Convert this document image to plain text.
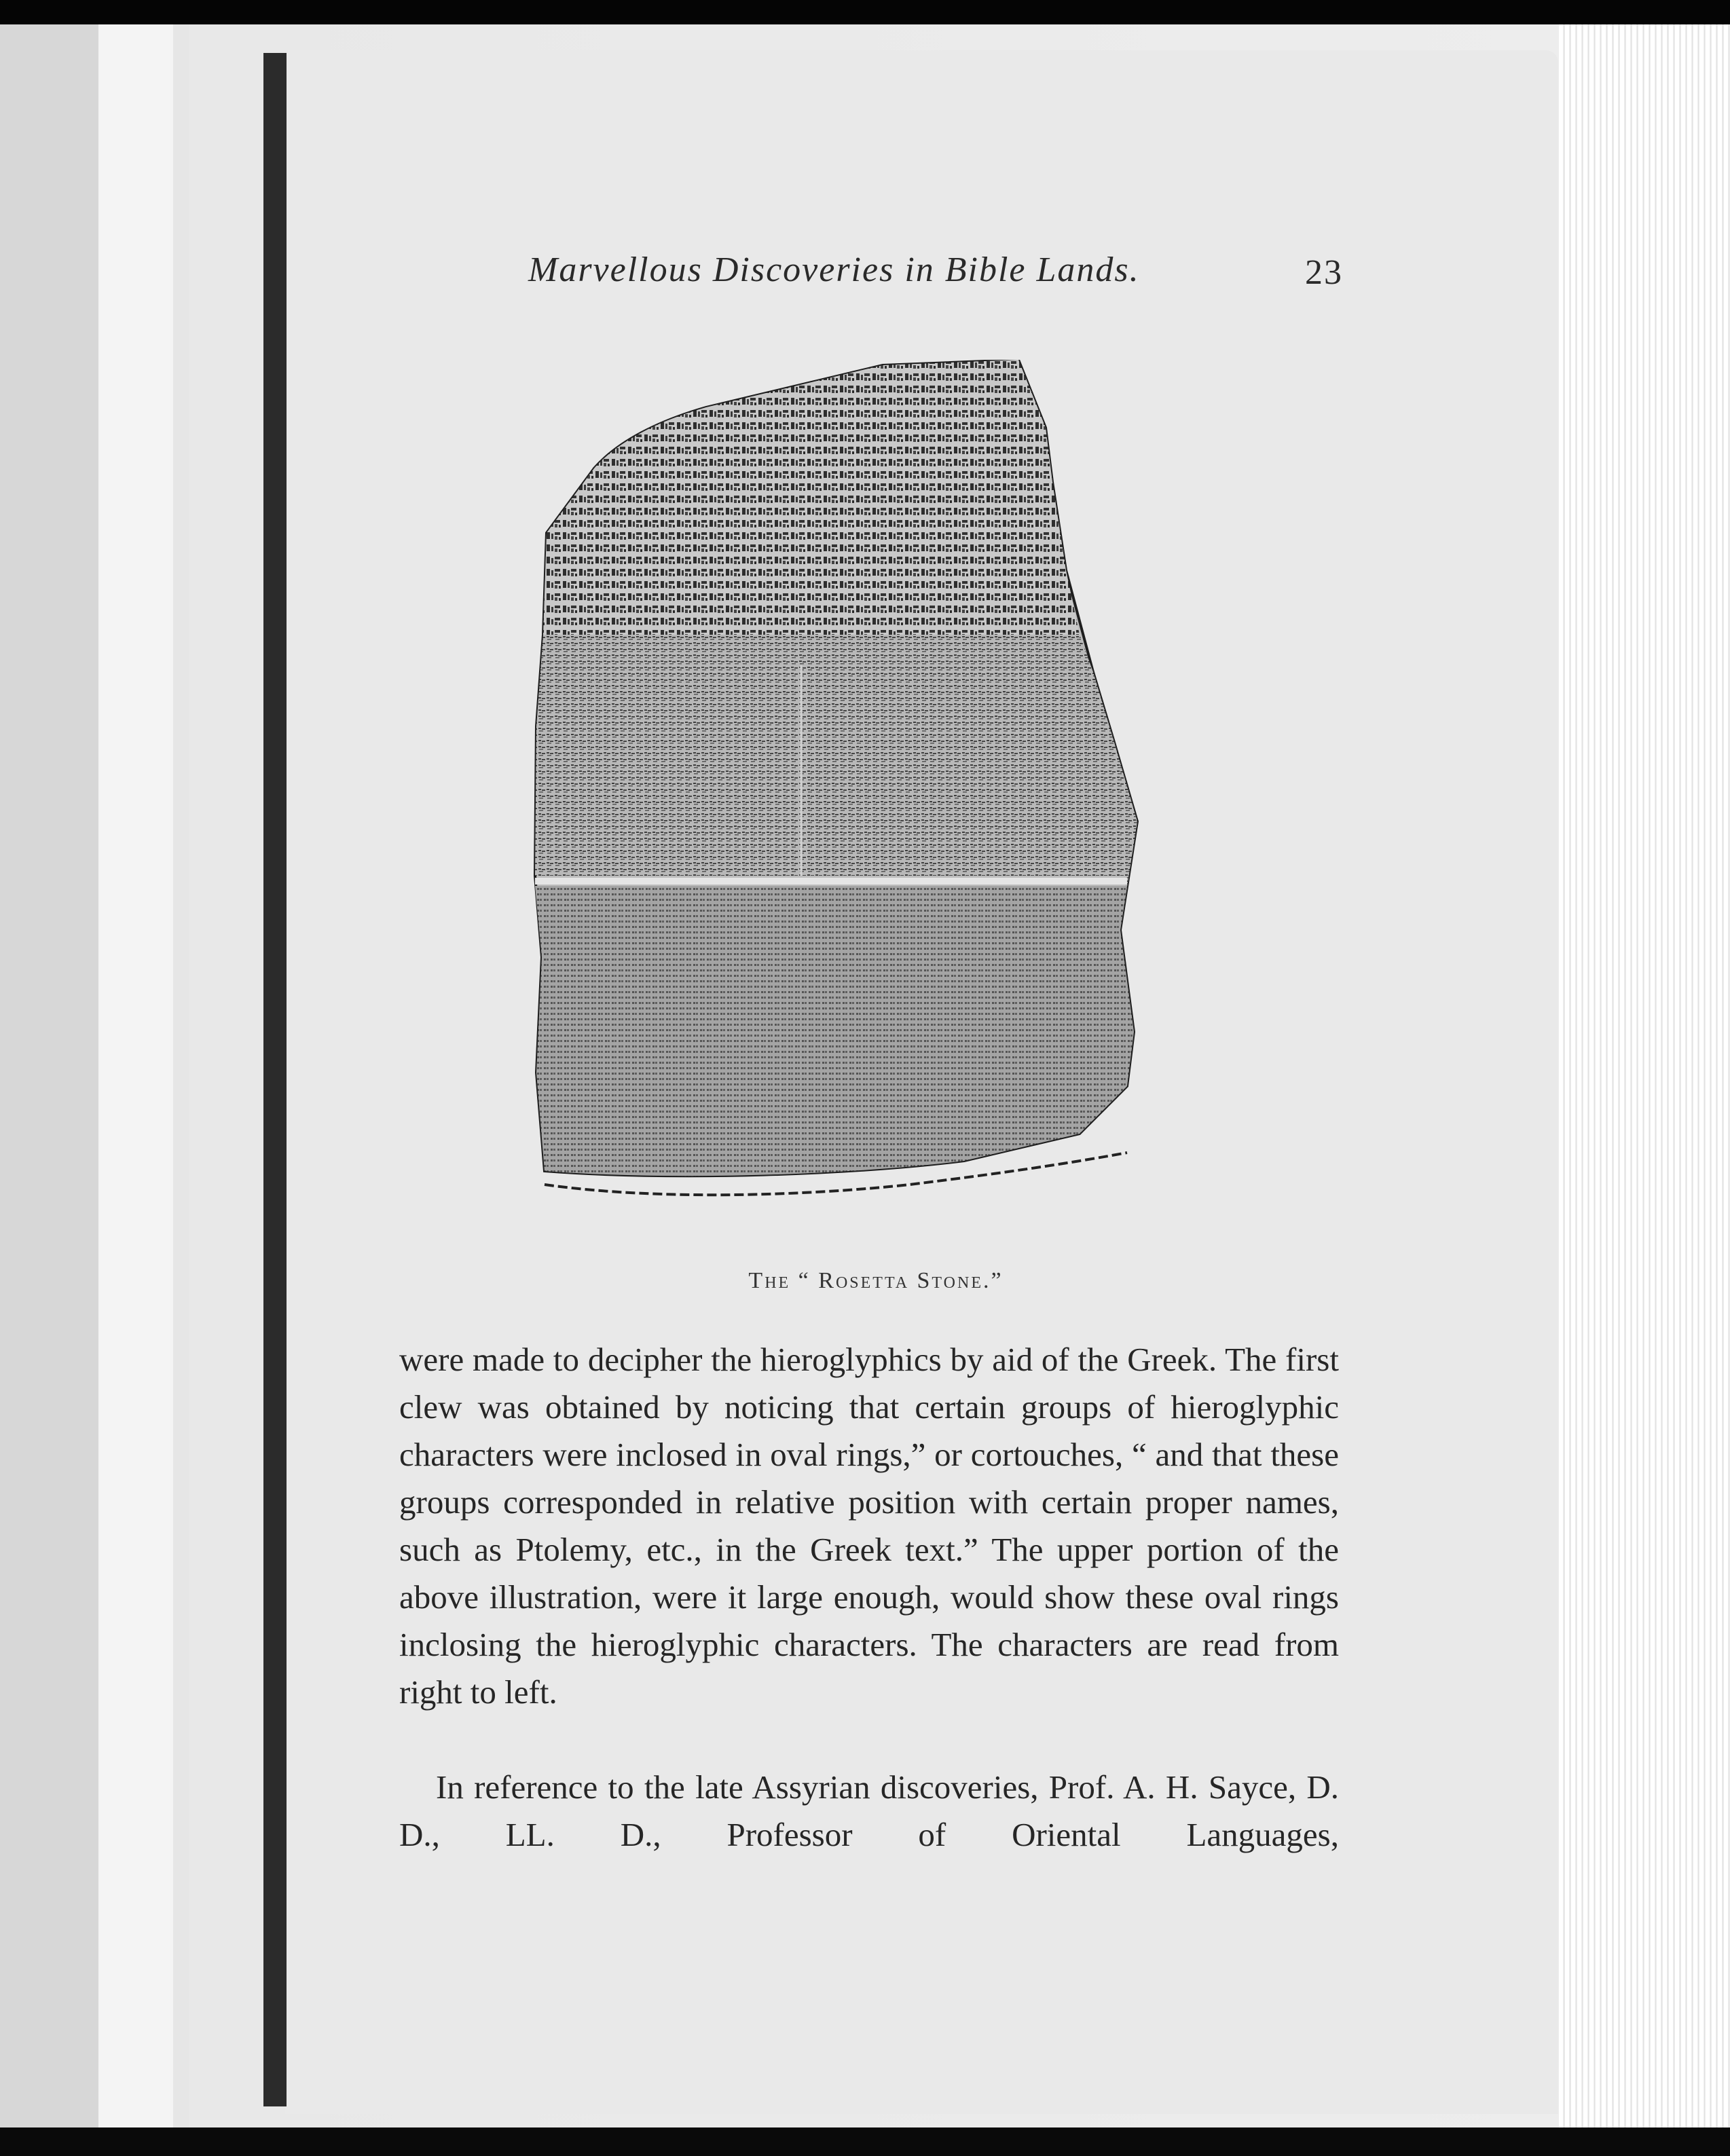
Marvellous Discoveries in Bible Lands.	23
The “ Rosetta Stone.”

were made to decipher the hieroglyphics by aid of the Greek. The first clew was obtained by noticing that certain groups of hieroglyphic characters were inclosed in oval rings,” or cortouches, “ and that these groups corresponded in relative position with certain proper names, such as Ptolemy, etc., in the Greek text.” The upper portion of the above illustration, were it large enough, would show these oval rings inclosing the hieroglyphic characters. The characters are read from right to left.

In reference to the late Assyrian discoveries, Prof. A. H. Sayce, D. D., LL. D., Professor of Oriental Languages,
